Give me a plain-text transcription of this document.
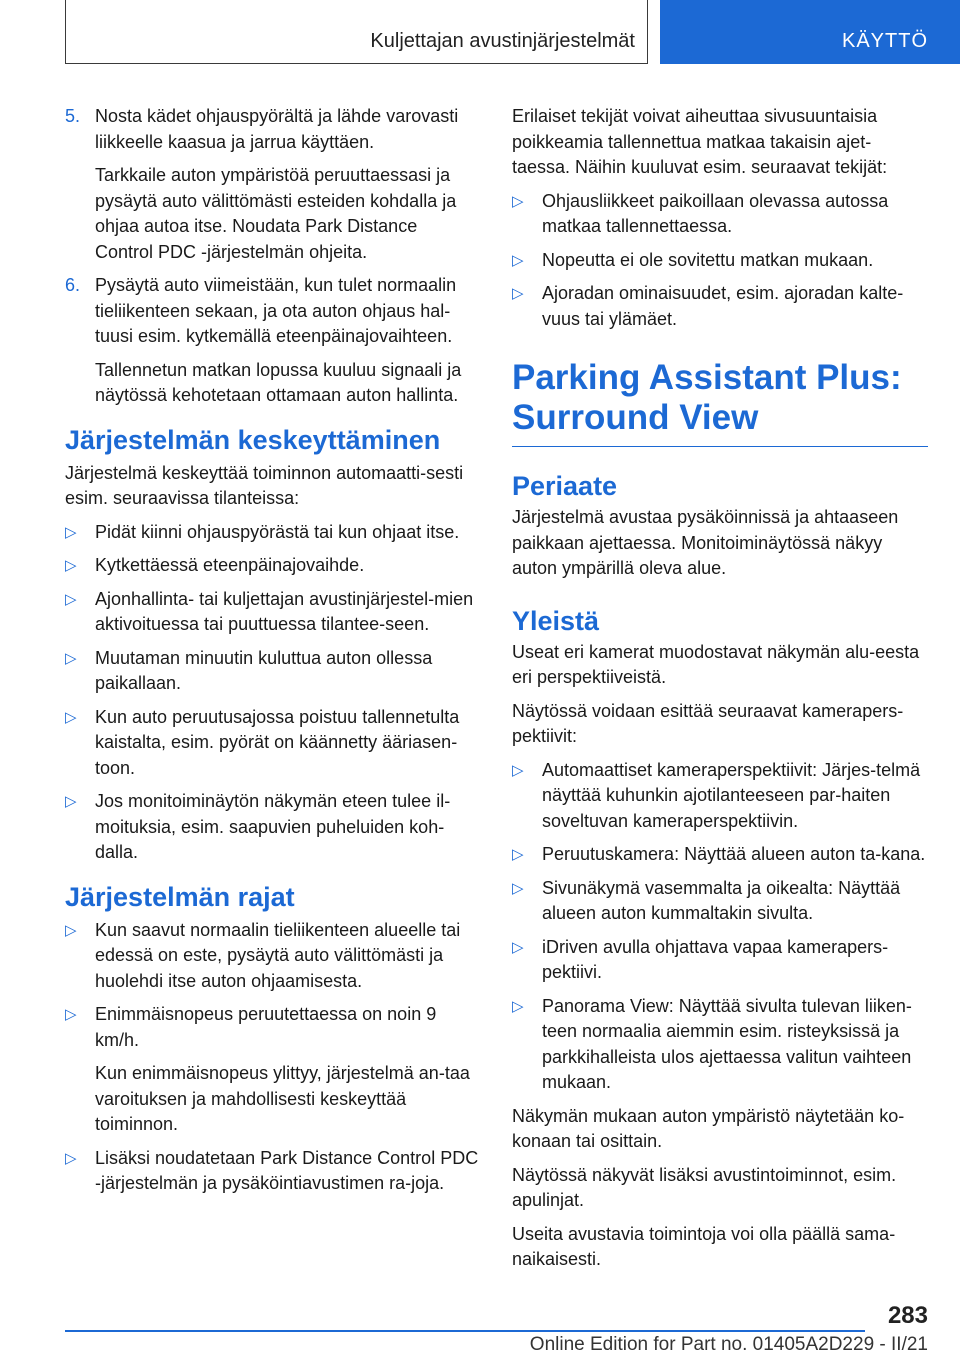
Kuljettajan avustinjärjestelmät	KÄYTTÖ
5. Nosta kädet ohjauspyörältä ja lähde varovasti liikkeelle kaasua ja jarrua käyttäen.

Tarkkaile auton ympäristöä peruuttaessasi ja pysäytä auto välittömästi esteiden kohdalla ja ohjaa autoa itse. Noudata Park Distance Control PDC -järjestelmän ohjeita.

6. Pysäytä auto viimeistään, kun tulet normaalin tieliikenteen sekaan, ja ota auton ohjaus hal‐tuusi esim. kytkemällä eteenpäinajovaihteen.

Tallennetun matkan lopussa kuuluu signaali ja näytössä kehotetaan ottamaan auton hallinta.

Järjestelmän keskeyttäminen

Järjestelmä keskeyttää toiminnon automaatti‐sesti esim. seuraavissa tilanteissa:

▷ Pidät kiinni ohjauspyörästä tai kun ohjaat itse.

▷ Kytkettäessä eteenpäinajovaihde.

▷ Ajonhallinta- tai kuljettajan avustinjärjestel‐mien aktivoituessa tai puuttuessa tilantee‐seen.

▷ Muutaman minuutin kuluttua auton ollessa paikallaan.

▷ Kun auto peruutusajossa poistuu tallennetulta kaistalta, esim. pyörät on käännetty ääriasen‐toon.

▷ Jos monitoiminäytön näkymän eteen tulee il‐moituksia, esim. saapuvien puheluiden koh‐dalla.

Järjestelmän rajat
▷ Kun saavut normaalin tieliikenteen alueelle tai edessä on este, pysäytä auto välittömästi ja huolehdi itse auton ohjaamisesta.

▷ Enimmäisnopeus peruutettaessa on noin 9 km/h.

Kun enimmäisnopeus ylittyy, järjestelmä an‐taa varoituksen ja mahdollisesti keskeyttää toiminnon.

▷ Lisäksi noudatetaan Park Distance Control PDC -järjestelmän ja pysäköintiavustimen ra‐joja.

Erilaiset tekijät voivat aiheuttaa sivusuuntaisia poikkeamia tallennettua matkaa takaisin ajet‐taessa. Näihin kuuluvat esim. seuraavat tekijät:

▷ Ohjausliikkeet paikoillaan olevassa autossa matkaa tallennettaessa.

▷ Nopeutta ei ole sovitettu matkan mukaan.

▷ Ajoradan ominaisuudet, esim. ajoradan kalte‐vuus tai ylämäet.

Parking Assistant Plus: Surround View
Periaate

Järjestelmä avustaa pysäköinnissä ja ahtaaseen paikkaan ajettaessa. Monitoiminäytössä näkyy auton ympärillä oleva alue.

Yleistä

Useat eri kamerat muodostavat näkymän alu‐eesta eri perspektiiveistä.

Näytössä voidaan esittää seuraavat kamerapers‐pektiivit:

▷ Automaattiset kameraperspektiivit: Järjes‐telmä näyttää kuhunkin ajotilanteeseen par‐haiten soveltuvan kameraperspektiivin.

▷ Peruutuskamera: Näyttää alueen auton ta‐kana.

▷ Sivunäkymä vasemmalta ja oikealta: Näyttää alueen auton kummaltakin sivulta.

▷ iDriven avulla ohjattava vapaa kamerapers‐pektiivi.

▷ Panorama View: Näyttää sivulta tulevan liiken‐teen normaalia aiemmin esim. risteyksissä ja parkkihalleista ulos ajettaessa valitun vaihteen mukaan.

Näkymän mukaan auton ympäristö näytetään ko‐konaan tai osittain.

Näytössä näkyvät lisäksi avustintoiminnot, esim. apulinjat.

Useita avustavia toimintoja voi olla päällä sama‐naikaisesti.

283
Online Edition for Part no. 01405A2D229 - II/21
